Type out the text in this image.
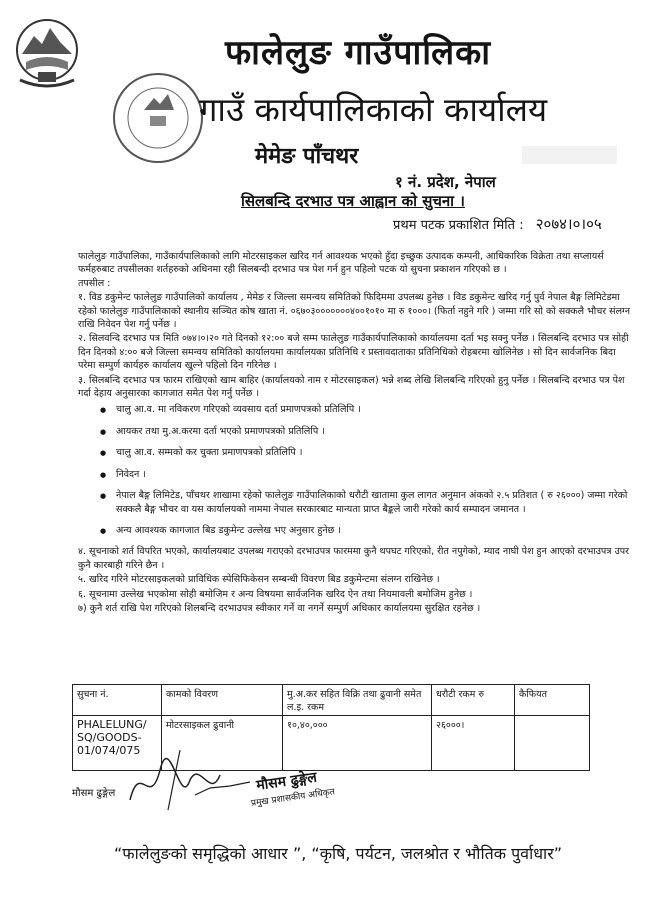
फालेलुङ गाउँपालिका
गाउँ कार्यपालिकाको कार्यालय
मेमेङ पाँचथर
१ नं. प्रदेश, नेपाल
सिलबन्दि दरभाउ पत्र आह्वान को सुचना ।
प्रथम पटक प्रकाशित मिति : २०७४।०।०५

फालेलुङ गाउँपालिका, गाउँकार्यपालिकाको लागि मोटरसाइकल खरिद गर्न आवश्यक भएको हुँदा इच्छुक उत्पादक कम्पनी, आधिकारिक विक्रेता तथा सप्लायर्स फर्महरुबाट तपसीलका शर्तहरुको अधिनमा रही सिलबन्दी दरभाउ पत्र पेश गर्न हुन पहिलो पटक यो सुचना प्रकाशन गरिएको छ ।

तपसील :

१. विड डकुमेन्ट फालेलुङ गाउँपालिको कार्यालय , मेमेङ र जिल्ला समन्वय समितिको फिदिममा उपलब्ध हुनेछ । विड डकुमेन्ट खरिद गर्नु पुर्व नेपाल बैङ्ग लिमिटेडमा रहेको फालेलुङ गाउँपालिकाको स्थानीय सञ्चित कोष खाता नं. ०६७०३०००००००४००१०१० मा रु १०००। (फिर्ता नहुने गरि ) जम्मा गरि सो को सक्कलै भौचर संलग्न राखि निवेदन पेश गर्नु पर्नेछ ।

२. सिलवन्दि दरभाउ पत्र मिति ०७४।०।२० गते दिनको १२:०० बजे सम्म फालेलुङ गाउँकार्यपालिकाको कार्यालयमा दर्ता भइ सक्नु पर्नेछ । सिलबन्दि दरभाउ पत्र सोही दिन दिनको ४:०० बजे जिल्ला समन्वय समितिको कार्यालयमा कार्यालयका प्रतिनिधि र प्रस्तावदाताका प्रतिनिधिको रोहबरमा खोलिनेछ । सो दिन सार्वजनिक बिदा परेमा सम्पुर्ण कार्यहरु कार्यालय खुल्ने पहिलो दिन गरिनेछ ।

३. सिलबन्दि दरभाउ पत्र फारम राखिएको खाम बाहिर (कार्यालयको नाम र मोटरसाइकल) भन्ने शब्द लेखि शिलबन्दि गरिएको हुनु पर्नेछ । सिलबन्दि दरभाउ पत्र पेश गर्दा देहाय अनुसारका कागजात समेत पेश गर्नु पर्नेछ ।

● चालु आ.व. मा नविकरण गरिएको व्यवसाय दर्ता प्रमाणपत्रको प्रतिलिपि ।
● आयकर तथा मु.अ.करमा दर्ता भएको प्रमाणपत्रको प्रतिलिपि ।
● चालु आ.व. सम्मको कर चुक्ता प्रमाणपत्रको प्रतिलिपि ।
● निवेदन ।
● नेपाल बैङ्ग लिमिटेड, पाँचथर शाखामा रहेको फालेलुङ गाउँपालिकाको धरौटी खातामा कुल लागत अनुमान अंकको २.५ प्रतिशत ( रु २६०००) जम्मा गरेको सक्कलै बैङ्ग भौचर वा यस कार्यालयको नाममा नेपाल सरकारबाट मान्यता प्राप्त बैङ्कले जारी गरेको कार्य सम्पादन जमानत ।
● अन्य आवश्यक कागजात बिड डकुमेन्ट उल्लेख भए अनुसार हुनेछ ।

४. सूचनाको शर्त विपरित भएको, कार्यालयबाट उपलब्ध गराएको दरभाउपत्र फारममा कुनै थपघट गरिएको, रीत नपुगेको, म्याद नाघी पेश हुन आएको दरभाउपत्र उपर कुनै कारबाही गरिने छैन ।

५. खरिद गरिने मोटरसाइकलको प्राविधिक स्पेसिफिकेसन सम्बन्धी विवरण बिड डकुमेन्टमा संलग्न राखिनेछ ।

६. सूचनामा उल्लेख भएकोमा सोही बमोजिम र अन्य विषयमा सार्वजनिक खरिद ऐन तथा नियमावली बमोजिम हुनेछ ।

७) कुनै शर्त राखि पेश गरिएको शिलबन्दि दरभाउपत्र स्वीकार गर्ने वा नगर्ने सम्पुर्ण अधिकार कार्यालयमा सुरक्षित रहनेछ ।

सुचना नं.	कामको विवरण	मु.अ.कर सहित विक्रि तथा ढुवानी समेत ल.इ. रकम	धरौटी रकम रु	कैफियत
PHALELUNG/ SQ/GOODS- 01/074/075	मोटरसाइकल ढुवानी	१०,४०,०००	२६०००।	
मौसम ढुङ्गेल	मौसम ढुङ्गेल
प्रमुख प्रशासकीय अधिकृत
“फालेलुङको समृद्धिको आधार ”, “कृषि, पर्यटन, जलश्रोत र भौतिक पुर्वाधार”
